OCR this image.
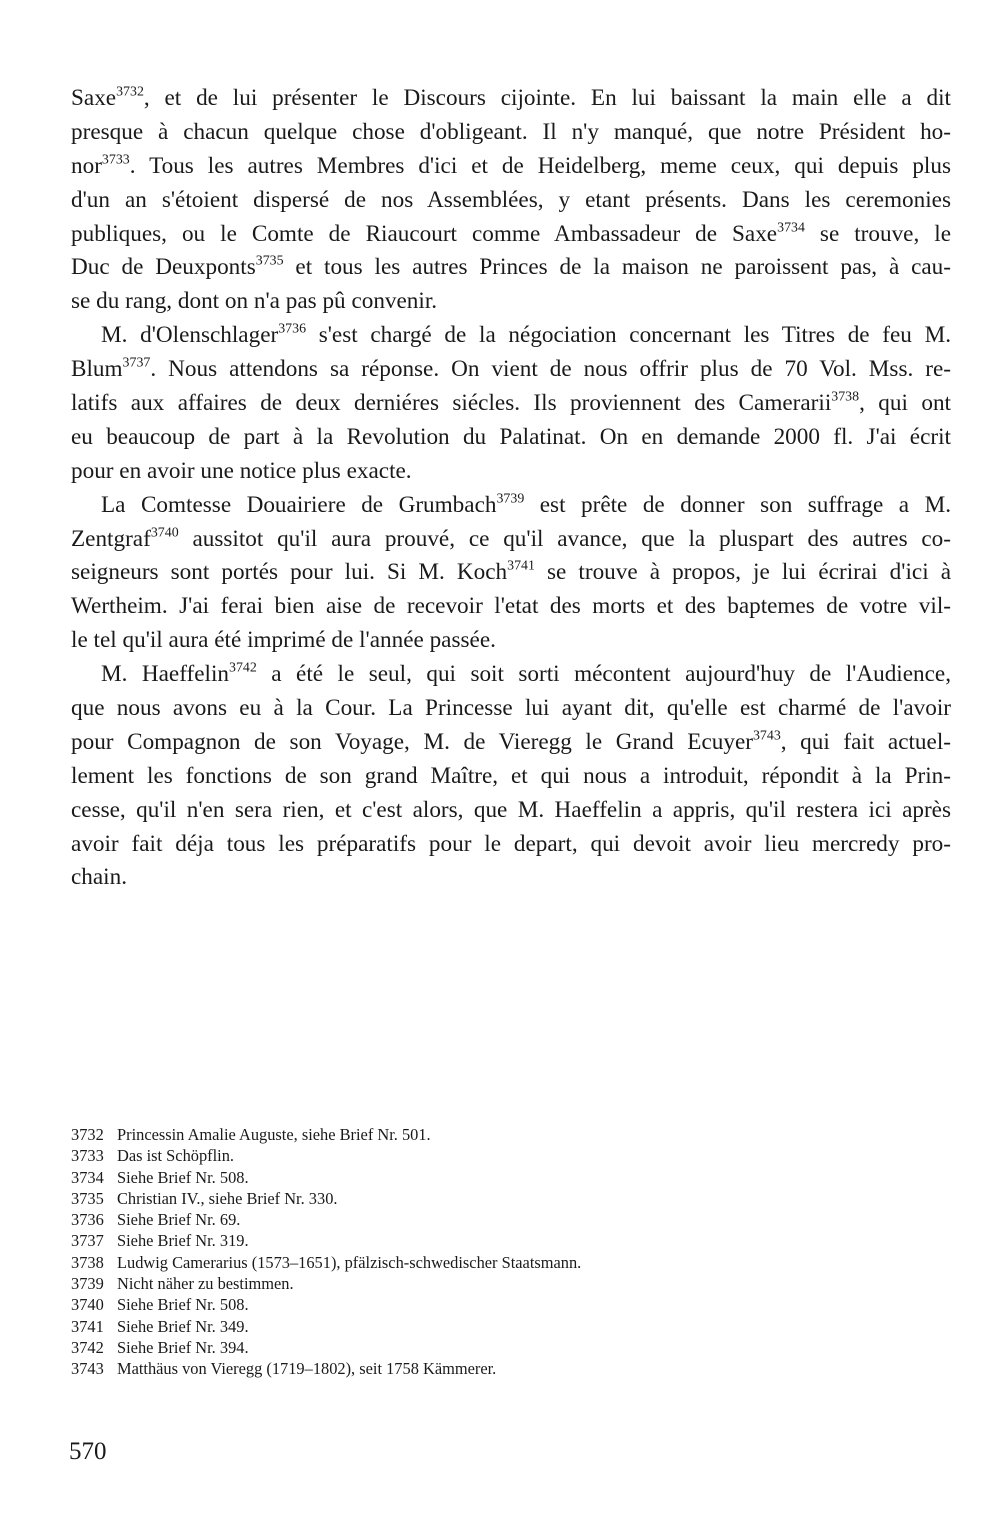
Saxe$^{3732}$, et de lui présenter le Discours cijointe. En lui baissant la main elle a dit
presque à chacun quelque chose d'obligeant. Il n'y manqué, que notre Président ho-
nor$^{3733}$. Tous les autres Membres d'ici et de Heidelberg, meme ceux, qui depuis plus
d'un an s'étoient dispersé de nos Assemblées, y etant présents. Dans les ceremonies
publiques, ou le Comte de Riaucourt comme Ambassadeur de Saxe$^{3734}$ se trouve, le
Duc de Deuxponts$^{3735}$ et tous les autres Princes de la maison ne paroissent pas, à cau-
se du rang, dont on n'a pas pû convenir.
M. d'Olenschlager$^{3736}$ s'est chargé de la négociation concernant les Titres de feu M.
Blum$^{3737}$. Nous attendons sa réponse. On vient de nous offrir plus de 70 Vol. Mss. re-
latifs aux affaires de deux derniéres siécles. Ils proviennent des Camerarii$^{3738}$, qui ont
eu beaucoup de part à la Revolution du Palatinat. On en demande 2000 fl. J'ai écrit
pour en avoir une notice plus exacte.
La Comtesse Douairiere de Grumbach$^{3739}$ est prête de donner son suffrage a M.
Zentgraf$^{3740}$ aussitot qu'il aura prouvé, ce qu'il avance, que la pluspart des autres co-
seigneurs sont portés pour lui. Si M. Koch$^{3741}$ se trouve à propos, je lui écrirai d'ici à
Wertheim. J'ai ferai bien aise de recevoir l'etat des morts et des baptemes de votre vil-
le tel qu'il aura été imprimé de l'année passée.
M. Haeffelin$^{3742}$ a été le seul, qui soit sorti mécontent aujourd'huy de l'Audience,
que nous avons eu à la Cour. La Princesse lui ayant dit, qu'elle est charmé de l'avoir
pour Compagnon de son Voyage, M. de Vieregg le Grand Ecuyer$^{3743}$, qui fait actuel-
lement les fonctions de son grand Maître, et qui nous a introduit, répondit à la Prin-
cesse, qu'il n'en sera rien, et c'est alors, que M. Haeffelin a appris, qu'il restera ici après
avoir fait déja tous les préparatifs pour le depart, qui devoit avoir lieu mercredy pro-
chain.
3732 Princessin Amalie Auguste, siehe Brief Nr. 501.
3733 Das ist Schöpflin.
3734 Siehe Brief Nr. 508.
3735 Christian IV., siehe Brief Nr. 330.
3736 Siehe Brief Nr. 69.
3737 Siehe Brief Nr. 319.
3738 Ludwig Camerarius (1573–1651), pfälzisch-schwedischer Staatsmann.
3739 Nicht näher zu bestimmen.
3740 Siehe Brief Nr. 508.
3741 Siehe Brief Nr. 349.
3742 Siehe Brief Nr. 394.
3743 Matthäus von Vieregg (1719–1802), seit 1758 Kämmerer.
570
